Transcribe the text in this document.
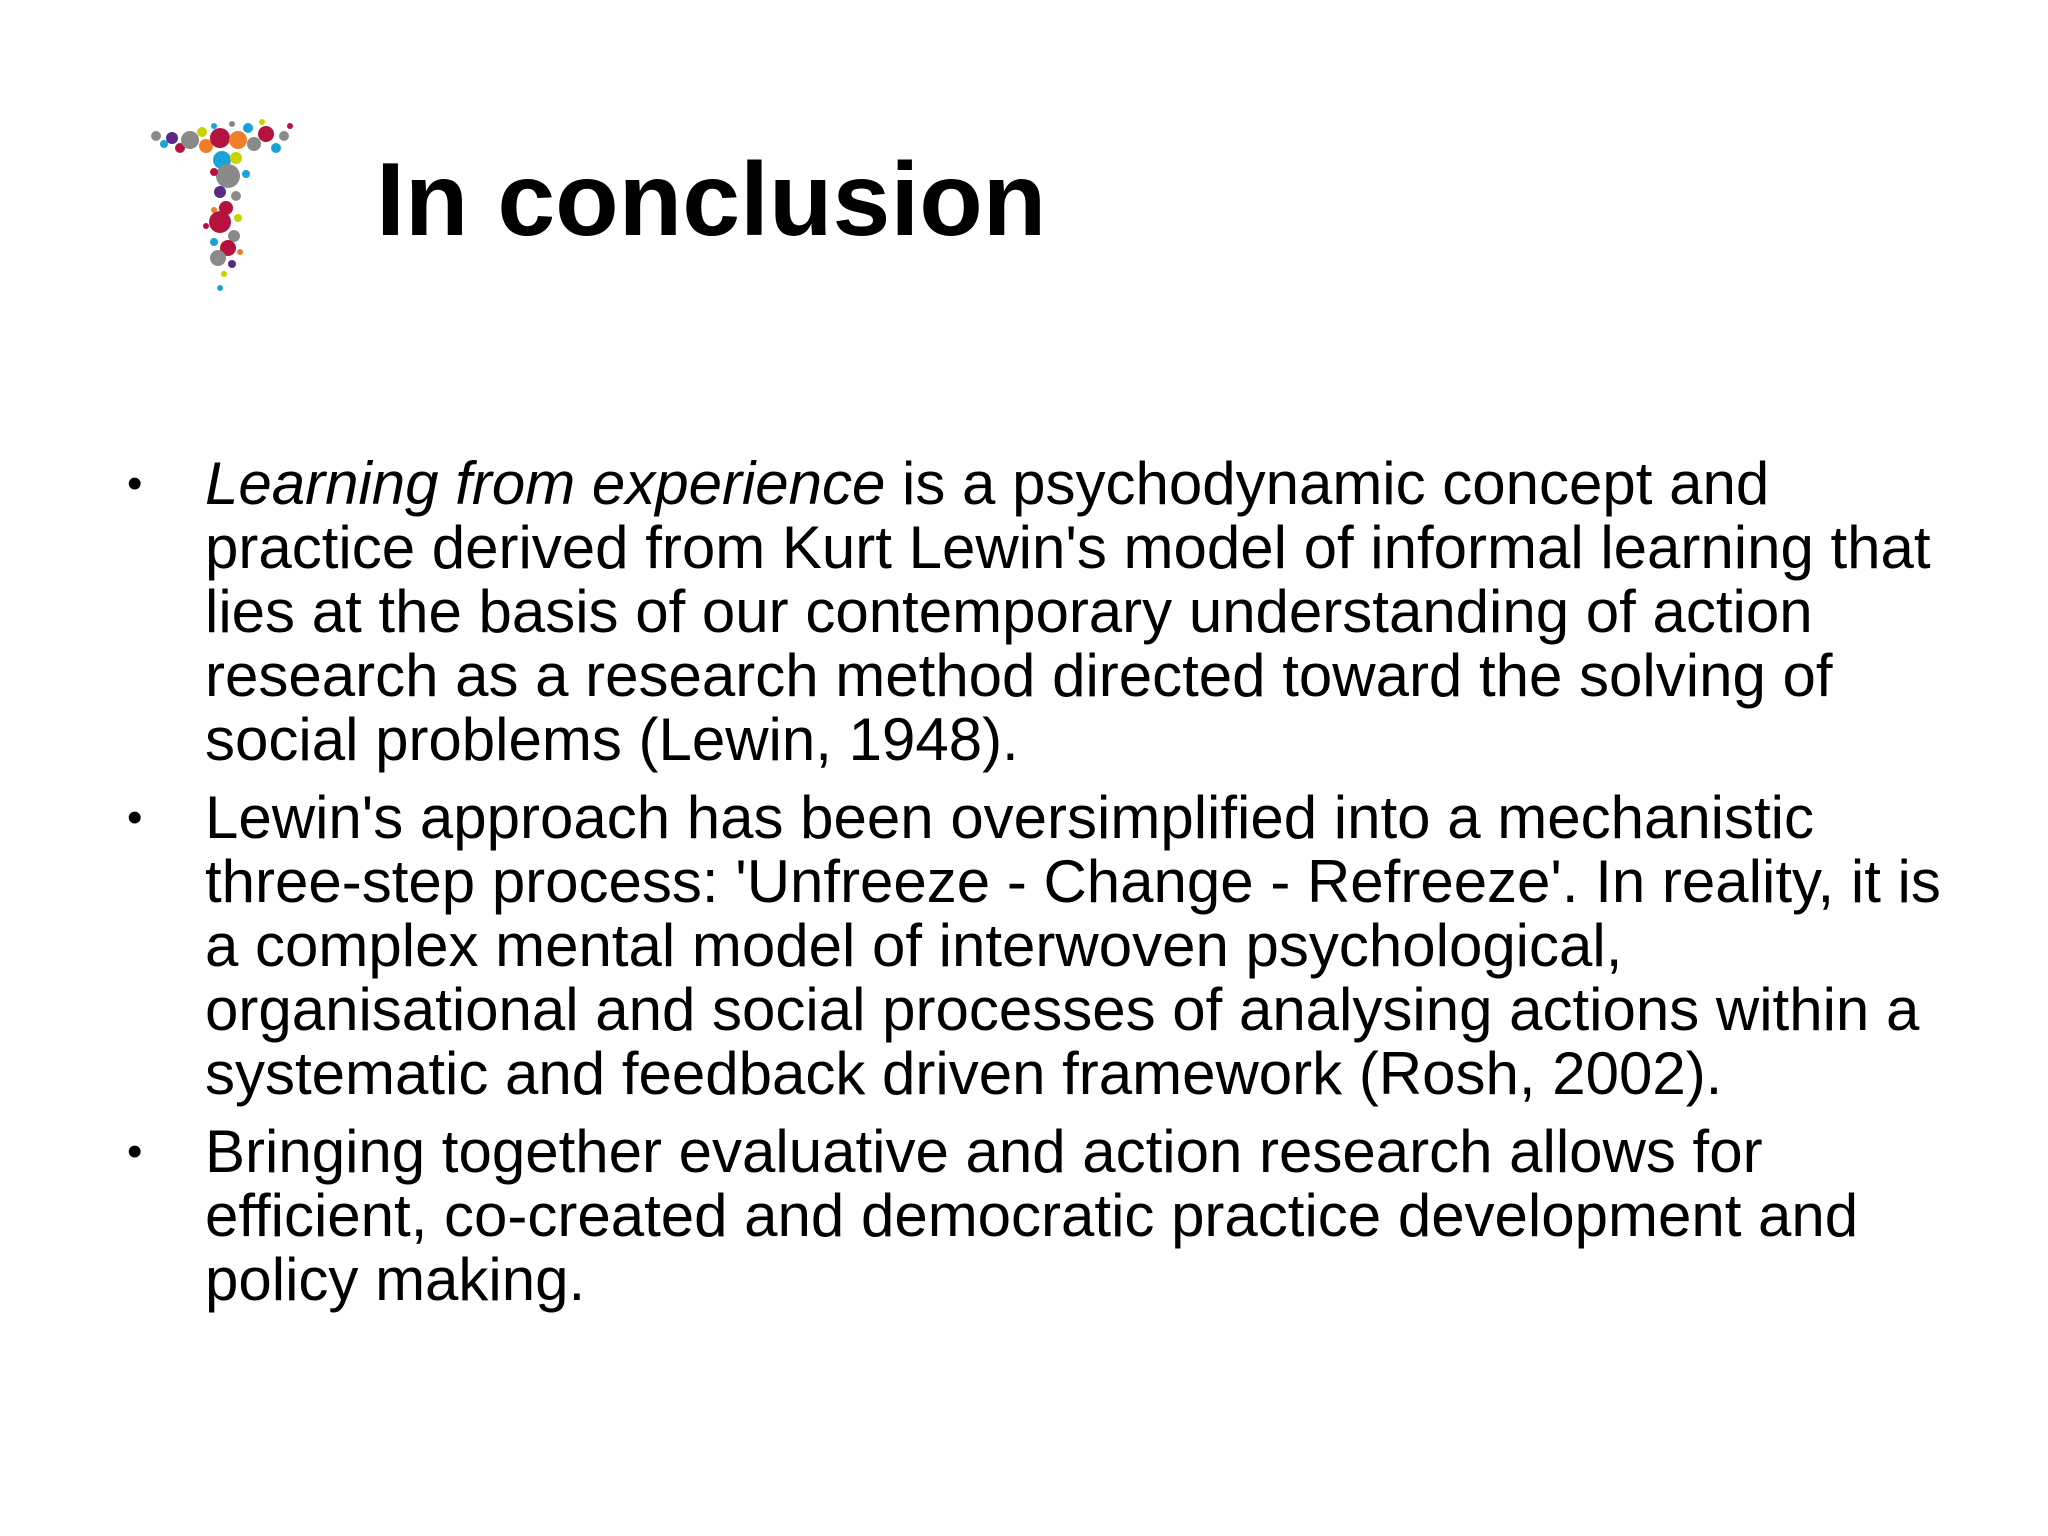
In conclusion
• Learning from experience is a psychodynamic concept and practice derived from Kurt Lewin's model of informal learning that lies at the basis of our contemporary understanding of action research as a research method directed toward the solving of social problems (Lewin, 1948).
• Lewin's approach has been oversimplified into a mechanistic three-step process: 'Unfreeze - Change - Refreeze'. In reality, it is a complex mental model of interwoven psychological, organisational and social processes of analysing actions within a systematic and feedback driven framework (Rosh, 2002).
• Bringing together evaluative and action research allows for efficient, co-created and democratic practice development and policy making.
